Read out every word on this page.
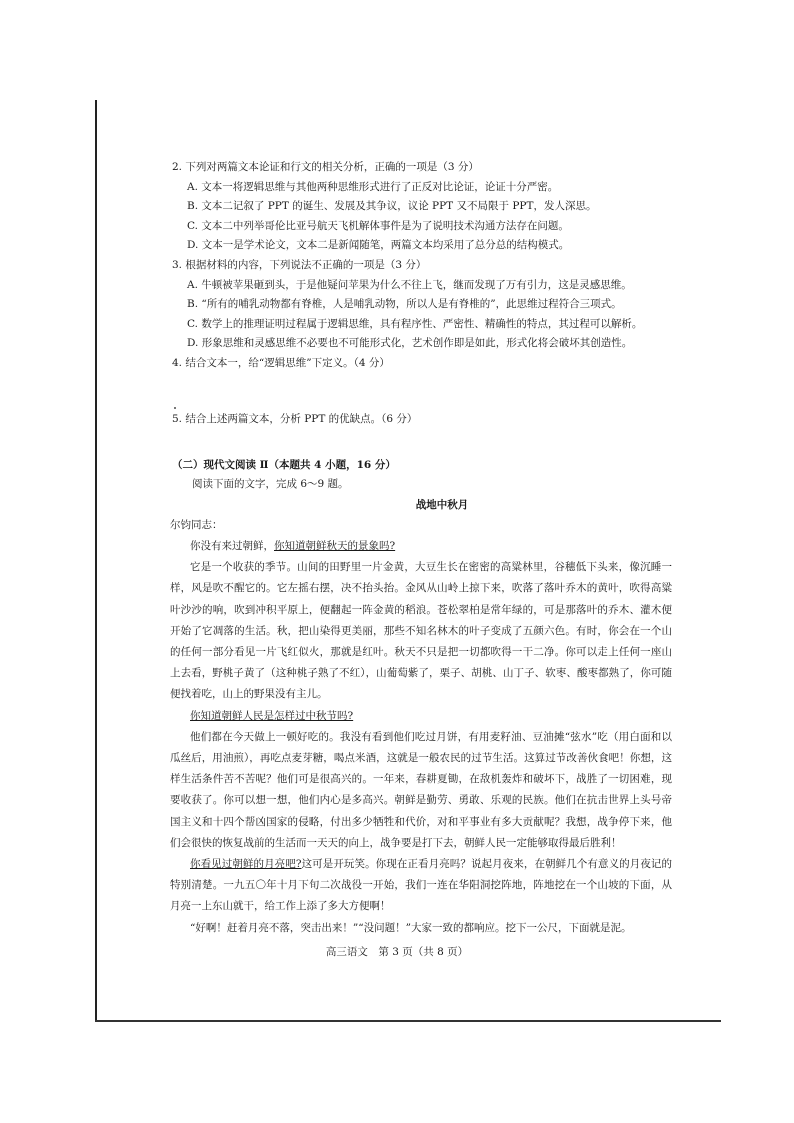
2. 下列对两篇文本论证和行文的相关分析，正确的一项是（3 分）
A. 文本一将逻辑思维与其他两种思维形式进行了正反对比论证，论证十分严密。
B. 文本二记叙了 PPT 的诞生、发展及其争议，议论 PPT 又不局限于 PPT，发人深思。
C. 文本二中列举哥伦比亚号航天飞机解体事件是为了说明技术沟通方法存在问题。
D. 文本一是学术论文，文本二是新闻随笔，两篇文本均采用了总分总的结构模式。
3. 根据材料的内容，下列说法不正确的一项是（3 分）
A. 牛顿被苹果砸到头，于是他疑问苹果为什么不往上飞，继而发现了万有引力，这是灵感思维。
B. “所有的哺乳动物都有脊椎，人是哺乳动物，所以人是有脊椎的”，此思维过程符合三项式。
C. 数学上的推理证明过程属于逻辑思维，具有程序性、严密性、精确性的特点，其过程可以解析。
D. 形象思维和灵感思维不必要也不可能形式化，艺术创作即是如此，形式化将会破坏其创造性。
4. 结合文本一，给“逻辑思维”下定义。（4 分）
5. 结合上述两篇文本，分析 PPT 的优缺点。（6 分）
（二）现代文阅读 Ⅱ（本题共 4 小题，16 分）
阅读下面的文字，完成 6～9 题。
战地中秋月
尔钧同志：
你没有来过朝鲜，你知道朝鲜秋天的景象吗?
它是一个收获的季节。山间的田野里一片金黄，大豆生长在密密的高粱林里，谷穗低下头来，像沉睡一样，风是吹不醒它的。它左摇右摆，决不抬头抬。金风从山岭上掠下来，吹落了落叶乔木的黄叶，吹得高粱叶沙沙的响，吹到冲积平原上，便翻起一阵金黄的稻浪。苍松翠柏是常年绿的，可是那落叶的乔木、灌木便开始了它凋落的生活。秋，把山染得更美丽，那些不知名林木的叶子变成了五颜六色。有时，你会在一个山的任何一部分看见一片飞红似火，那就是红叶。秋天不只是把一切都吹得一干二净。你可以走上任何一座山上去看，野桃子黄了（这种桃子熟了不红），山葡萄紫了，栗子、胡桃、山丁子、软枣、酸枣都熟了，你可随便找着吃，山上的野果没有主儿。
你知道朝鲜人民是怎样过中秋节吗?
他们都在今天做上一顿好吃的。我没有看到他们吃过月饼，有用麦籽油、豆油摊“弦水”吃（用白面和以瓜丝后，用油煎），再吃点麦芽糖，喝点米酒，这就是一般农民的过节生活。这算过节改善伙食吧！你想，这样生活条件苦不苦呢？他们可是很高兴的。一年来，春耕夏锄，在敌机轰炸和破坏下，战胜了一切困难，现要收获了。你可以想一想，他们内心是多高兴。朝鲜是勤劳、勇敢、乐观的民族。他们在抗击世界上头号帝国主义和十四个帮凶国家的侵略，付出多少牺牲和代价，对和平事业有多大贡献呢？我想，战争停下来，他们会很快的恢复战前的生活而一天天的向上，战争要是打下去，朝鲜人民一定能够取得最后胜利！
你看见过朝鲜的月亮吧?这可是开玩笑。你现在正看月亮吗？说起月夜来，在朝鲜几个有意义的月夜记的特别清楚。一九五〇年十月下旬二次战役一开始，我们一连在华阳洞挖阵地，阵地挖在一个山坡的下面，从月亮一上东山就干，给工作上添了多大方便啊！
“好啊！赶着月亮不落，突击出来！”“没问题！”大家一致的都响应。挖下一公尺，下面就是泥。
高三语文　第 3 页（共 8 页）
